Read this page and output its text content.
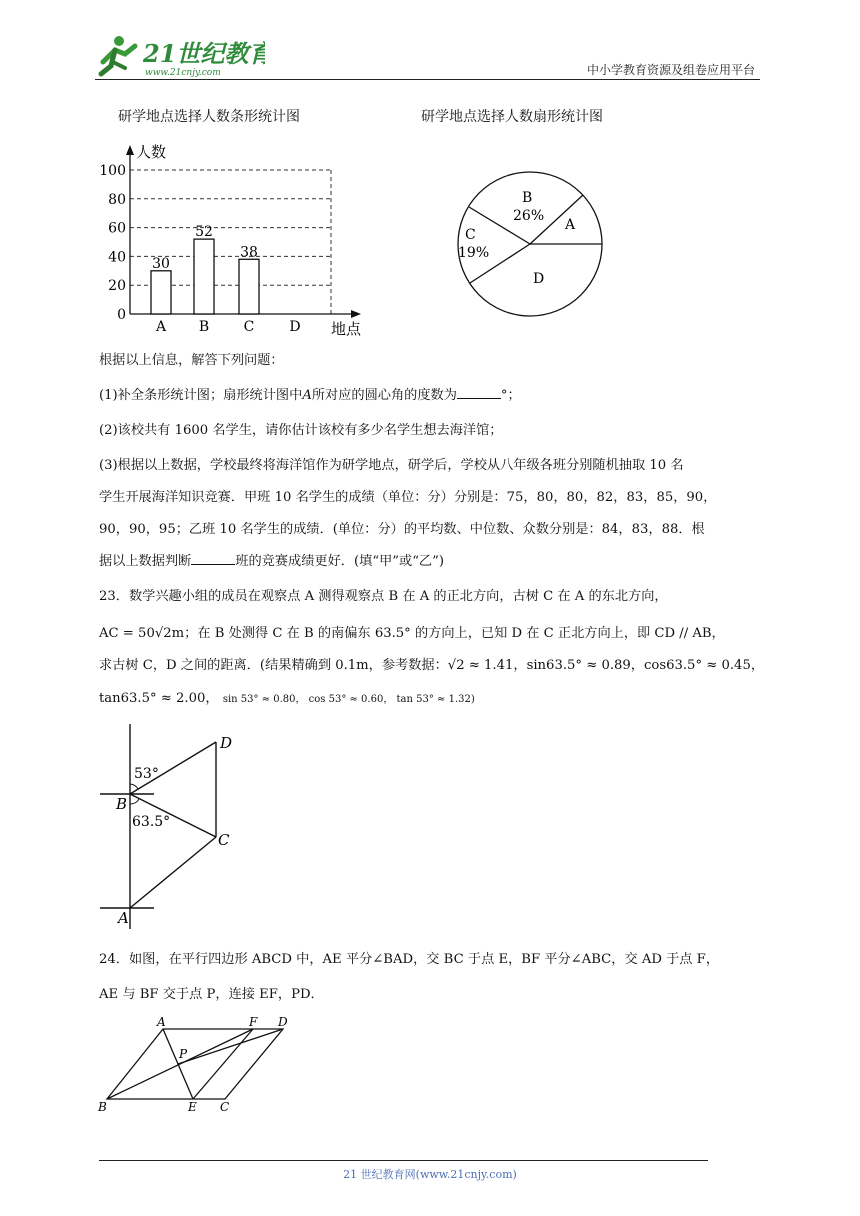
21世纪教育
www.21cnjy.com	中小学教育资源及组卷应用平台
研学地点选择人数条形统计图	研学地点选择人数扇形统计图
0
20
40
60
80
100
人数
地点
A B C	D
30
52
38
B
26%
A
D
C
19%
根据以上信息，解答下列问题：
(1)补全条形统计图；扇形统计图中A所对应的圆心角的度数为	°；
(2)该校共有 1600 名学生，请你估计该校有多少名学生想去海洋馆；
(3)根据以上数据，学校最终将海洋馆作为研学地点，研学后，学校从八年级各班分别随机抽取 10 名
学生开展海洋知识竞赛．甲班 10 名学生的成绩（单位：分）分别是：75，80，80，82，83，85，90，
90，90，95；乙班 10 名学生的成绩．(单位：分）的平均数、中位数、众数分别是：84，83，88．根
据以上数据判断	班的竞赛成绩更好．(填“甲”或“乙”)
23．数学兴趣小组的成员在观察点 A 测得观察点 B 在 A 的正北方向，古树 C 在 A 的东北方向，
AC = 50√2m；在 B 处测得 C 在 B 的南偏东 63.5° 的方向上，已知 D 在 C 正北方向上，即 CD // AB，
求古树 C，D 之间的距离．(结果精确到 0.1m，参考数据：√2 ≈ 1.41，sin63.5° ≈ 0.89，cos63.5° ≈ 0.45，
tan63.5° ≈ 2.00， sin 53° ≈ 0.80， cos 53° ≈ 0.60， tan 53° ≈ 1.32)
D
53°
B
63.5°
C
A
24．如图，在平行四边形 ABCD 中，AE 平分∠BAD，交 BC 于点 E，BF 平分∠ABC，交 AD 于点 F，
AE 与 BF 交于点 P，连接 EF，PD．
A	F D
P
B	E C
21 世纪教育网(www.21cnjy.com)
